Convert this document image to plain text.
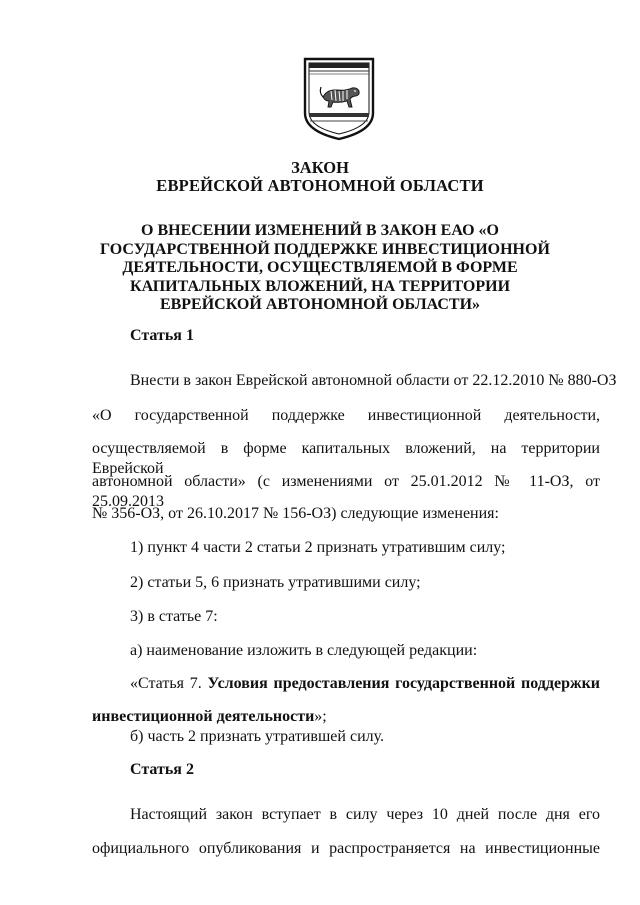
ЗАКОН
ЕВРЕЙСКОЙ АВТОНОМНОЙ ОБЛАСТИ
О ВНЕСЕНИИ ИЗМЕНЕНИЙ В ЗАКОН ЕАО «О
ГОСУДАРСТВЕННОЙ ПОДДЕРЖКЕ ИНВЕСТИЦИОННОЙ
ДЕЯТЕЛЬНОСТИ, ОСУЩЕСТВЛЯЕМОЙ В ФОРМЕ
КАПИТАЛЬНЫХ ВЛОЖЕНИЙ, НА ТЕРРИТОРИИ
ЕВРЕЙСКОЙ АВТОНОМНОЙ ОБЛАСТИ»
Статья 1
Внести в закон Еврейской автономной области от 22.12.2010 № 880-ОЗ
«О государственной поддержке инвестиционной деятельности,
осуществляемой в форме капитальных вложений, на территории Еврейской
автономной области» (с изменениями от 25.01.2012 № 11-ОЗ, от 25.09.2013
№ 356-ОЗ, от 26.10.2017 № 156-ОЗ) следующие изменения:
1) пункт 4 части 2 статьи 2 признать утратившим силу;
2) статьи 5, 6 признать утратившими силу;
3) в статье 7:
а) наименование изложить в следующей редакции:
«Статья 7. Условия предоставления государственной поддержки
инвестиционной деятельности»;
б) часть 2 признать утратившей силу.
Статья 2
Настоящий закон вступает в силу через 10 дней после дня его
официального опубликования и распространяется на инвестиционные
